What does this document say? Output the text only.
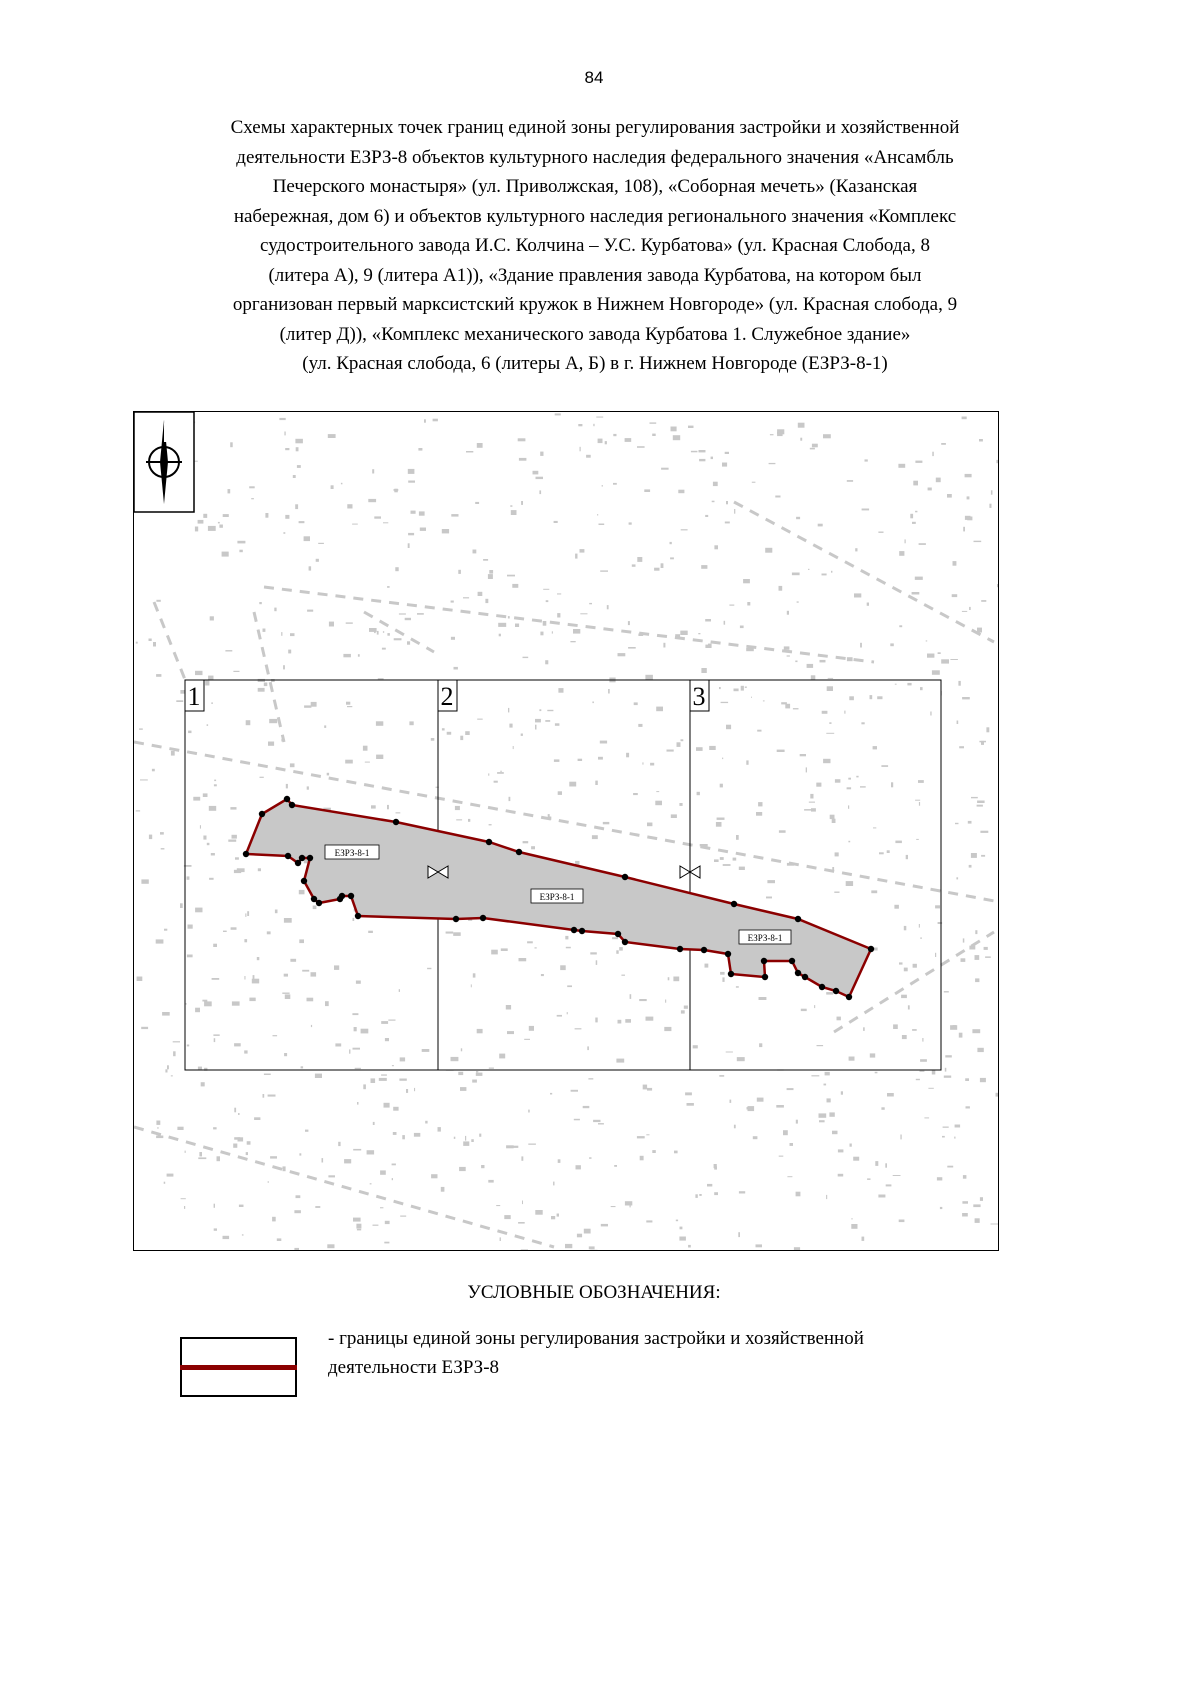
84
Схемы характерных точек границ единой зоны регулирования застройки и хозяйственной
деятельности ЕЗРЗ-8 объектов культурного наследия федерального значения «Ансамбль
Печерского монастыря» (ул. Приволжская, 108), «Соборная мечеть» (Казанская
набережная, дом 6) и объектов культурного наследия регионального значения «Комплекс
судостроительного завода И.С. Колчина – У.С. Курбатова» (ул. Красная Слобода, 8
(литера А), 9 (литера А1)), «Здание правления завода Курбатова, на котором был
организован первый марксистский кружок в Нижнем Новгороде» (ул. Красная слобода, 9
(литер Д)), «Комплекс механического завода Курбатова 1. Служебное здание»
(ул. Красная слобода, 6 (литеры А, Б) в г. Нижнем Новгороде (ЕЗРЗ-8-1)
1	2	3
ЕЗРЗ-8-1
ЕЗРЗ-8-1
ЕЗРЗ-8-1
УСЛОВНЫЕ ОБОЗНАЧЕНИЯ:
- границы единой зоны регулирования застройки и хозяйственной
деятельности ЕЗРЗ-8
